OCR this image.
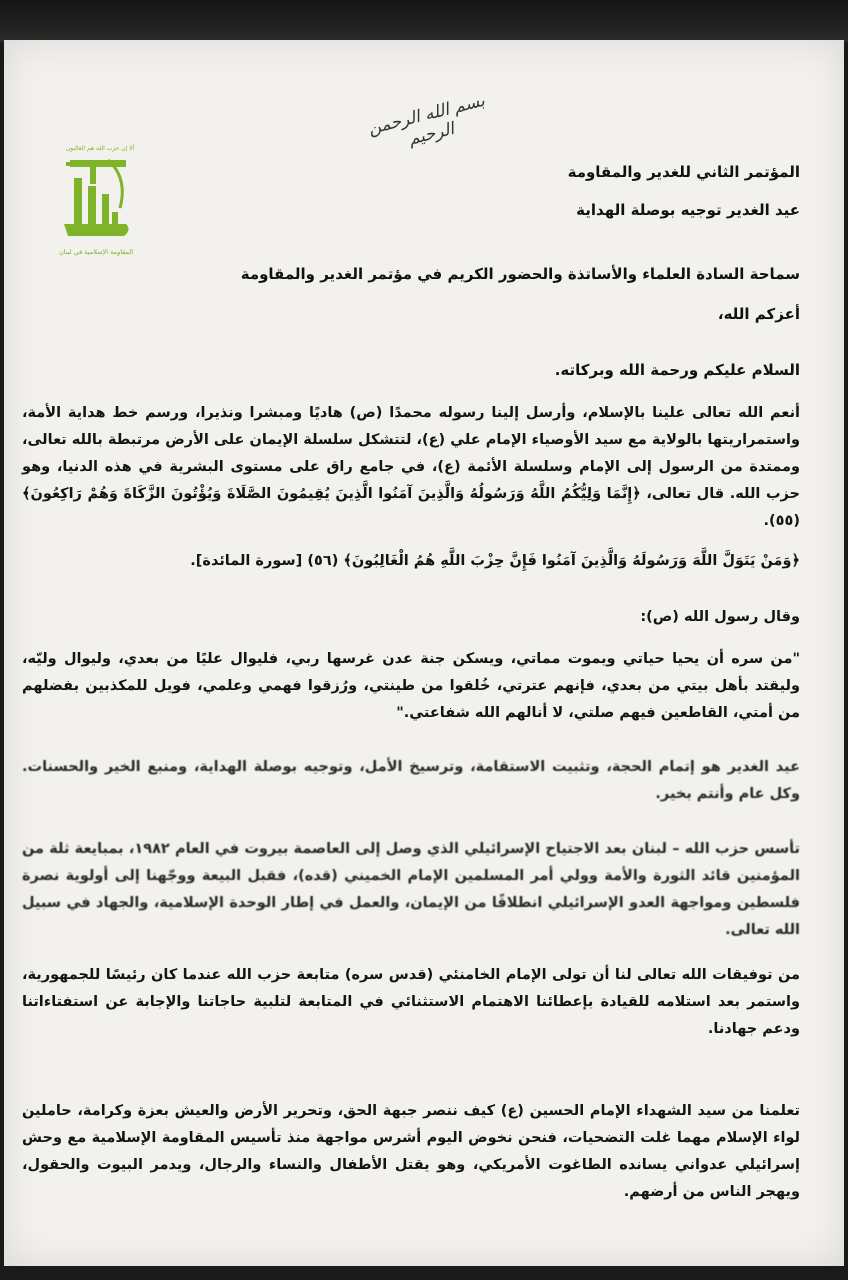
ألا إن حزب الله هم الغالبون
المقاومة الإسلامية في لبنان
بسم الله الرحمن الرحيم
المؤتمر الثاني للغدير والمقاومة
عيد الغدير توجيه بوصلة الهداية
سماحة السادة العلماء والأساتذة والحضور الكريم في مؤتمر الغدير والمقاومة
أعزكم الله،
السلام عليكم ورحمة الله وبركاته.
أنعم الله تعالى علينا بالإسلام، وأرسل إلينا رسوله محمدًا (ص) هاديًا ومبشرا ونذيرا، ورسم خط هداية الأمة، واستمراريتها بالولاية مع سيد الأوصياء الإمام علي (ع)، لتتشكل سلسلة الإيمان على الأرض مرتبطة بالله تعالى، وممتدة من الرسول إلى الإمام وسلسلة الأئمة (ع)، في جامع راق على مستوى البشرية في هذه الدنيا، وهو حزب الله. قال تعالى، ﴿إِنَّمَا وَلِيُّكُمُ اللَّهُ وَرَسُولُهُ وَالَّذِينَ آمَنُوا الَّذِينَ يُقِيمُونَ الصَّلَاةَ وَيُؤْتُونَ الزَّكَاةَ وَهُمْ رَاكِعُونَ﴾ (٥٥).
﴿وَمَنْ يَتَوَلَّ اللَّهَ وَرَسُولَهُ وَالَّذِينَ آمَنُوا فَإِنَّ حِزْبَ اللَّهِ هُمُ الْغَالِبُونَ﴾ (٥٦) [سورة المائدة].
وقال رسول الله (ص):
"من سره أن يحيا حياتي ويموت مماتي، ويسكن جنة عدن غرسها ربي، فليوال عليًا من بعدي، وليوال وليّه، وليقتد بأهل بيتي من بعدي، فإنهم عترتي، خُلقوا من طينتي، ورُزقوا فهمي وعلمي، فويل للمكذبين بفضلهم من أمتي، القاطعين فيهم صلتي، لا أنالهم الله شفاعتي."
عيد الغدير هو إتمام الحجة، وتثبيت الاستقامة، وترسيخ الأمل، وتوجيه بوصلة الهداية، ومنبع الخير والحسنات. وكل عام وأنتم بخير.
تأسس حزب الله – لبنان بعد الاجتياح الإسرائيلي الذي وصل إلى العاصمة بيروت في العام ١٩٨٢، بمبايعة ثلة من المؤمنين قائد الثورة والأمة وولي أمر المسلمين الإمام الخميني (قده)، فقبل البيعة ووجّهنا إلى أولوية نصرة فلسطين ومواجهة العدو الإسرائيلي انطلاقًا من الإيمان، والعمل في إطار الوحدة الإسلامية، والجهاد في سبيل الله تعالى.
من توفيقات الله تعالى لنا أن تولى الإمام الخامنئي (قدس سره) متابعة حزب الله عندما كان رئيسًا للجمهورية، واستمر بعد استلامه للقيادة بإعطائنا الاهتمام الاستثنائي في المتابعة لتلبية حاجاتنا والإجابة عن استفتاءاتنا ودعم جهادنا.
تعلمنا من سيد الشهداء الإمام الحسين (ع) كيف ننصر جبهة الحق، وتحرير الأرض والعيش بعزة وكرامة، حاملين لواء الإسلام مهما غلت التضحيات، فنحن نخوض اليوم أشرس مواجهة منذ تأسيس المقاومة الإسلامية مع وحش إسرائيلي عدواني يسانده الطاغوت الأمريكي، وهو يقتل الأطفال والنساء والرجال، ويدمر البيوت والحقول، ويهجر الناس من أرضهم.
